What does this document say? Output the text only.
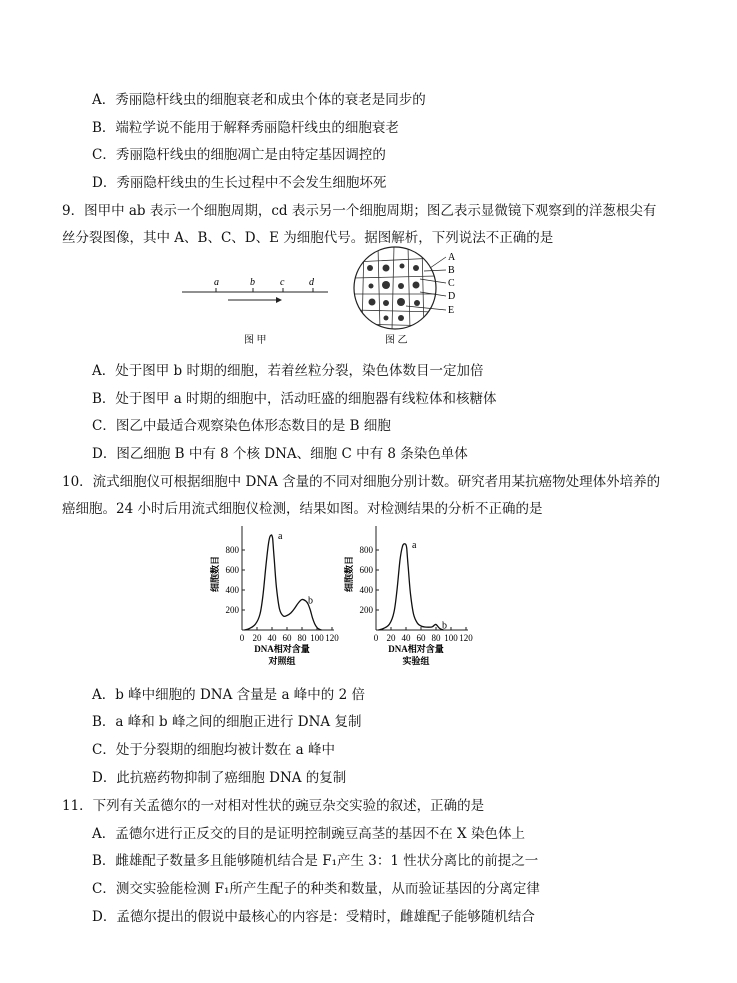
A．秀丽隐杆线虫的细胞衰老和成虫个体的衰老是同步的
B．端粒学说不能用于解释秀丽隐杆线虫的细胞衰老
C．秀丽隐杆线虫的细胞凋亡是由特定基因调控的
D．秀丽隐杆线虫的生长过程中不会发生细胞坏死
9．图甲中 ab 表示一个细胞周期，cd 表示另一个细胞周期；图乙表示显微镜下观察到的洋葱根尖有
丝分裂图像，其中 A、B、C、D、E 为细胞代号。据图解析，下列说法不正确的是
a	b	c d
图 甲
A
B
C
D
E
图 乙
A．处于图甲 b 时期的细胞，若着丝粒分裂，染色体数目一定加倍
B．处于图甲 a 时期的细胞中，活动旺盛的细胞器有线粒体和核糖体
C．图乙中最适合观察染色体形态数目的是 B 细胞
D．图乙细胞 B 中有 8 个核 DNA、细胞 C 中有 8 条染色单体
10．流式细胞仪可根据细胞中 DNA 含量的不同对细胞分别计数。研究者用某抗癌物处理体外培养的
癌细胞。24 小时后用流式细胞仪检测，结果如图。对检测结果的分析不正确的是
细胞数目
200
400
600
800
0 20 40 60 80 100 120
a
b
DNA相对含量
对照组
细胞数目
200
400
600
800
0 20 40 60 80 100 120
a
b
DNA相对含量
实验组
A．b 峰中细胞的 DNA 含量是 a 峰中的 2 倍
B．a 峰和 b 峰之间的细胞正进行 DNA 复制
C．处于分裂期的细胞均被计数在 a 峰中
D．此抗癌药物抑制了癌细胞 DNA 的复制
11．下列有关孟德尔的一对相对性状的豌豆杂交实验的叙述，正确的是
A．孟德尔进行正反交的目的是证明控制豌豆高茎的基因不在 X 染色体上
B．雌雄配子数量多且能够随机结合是 F₁产生 3：1 性状分离比的前提之一
C．测交实验能检测 F₁所产生配子的种类和数量，从而验证基因的分离定律
D．孟德尔提出的假说中最核心的内容是：受精时，雌雄配子能够随机结合
